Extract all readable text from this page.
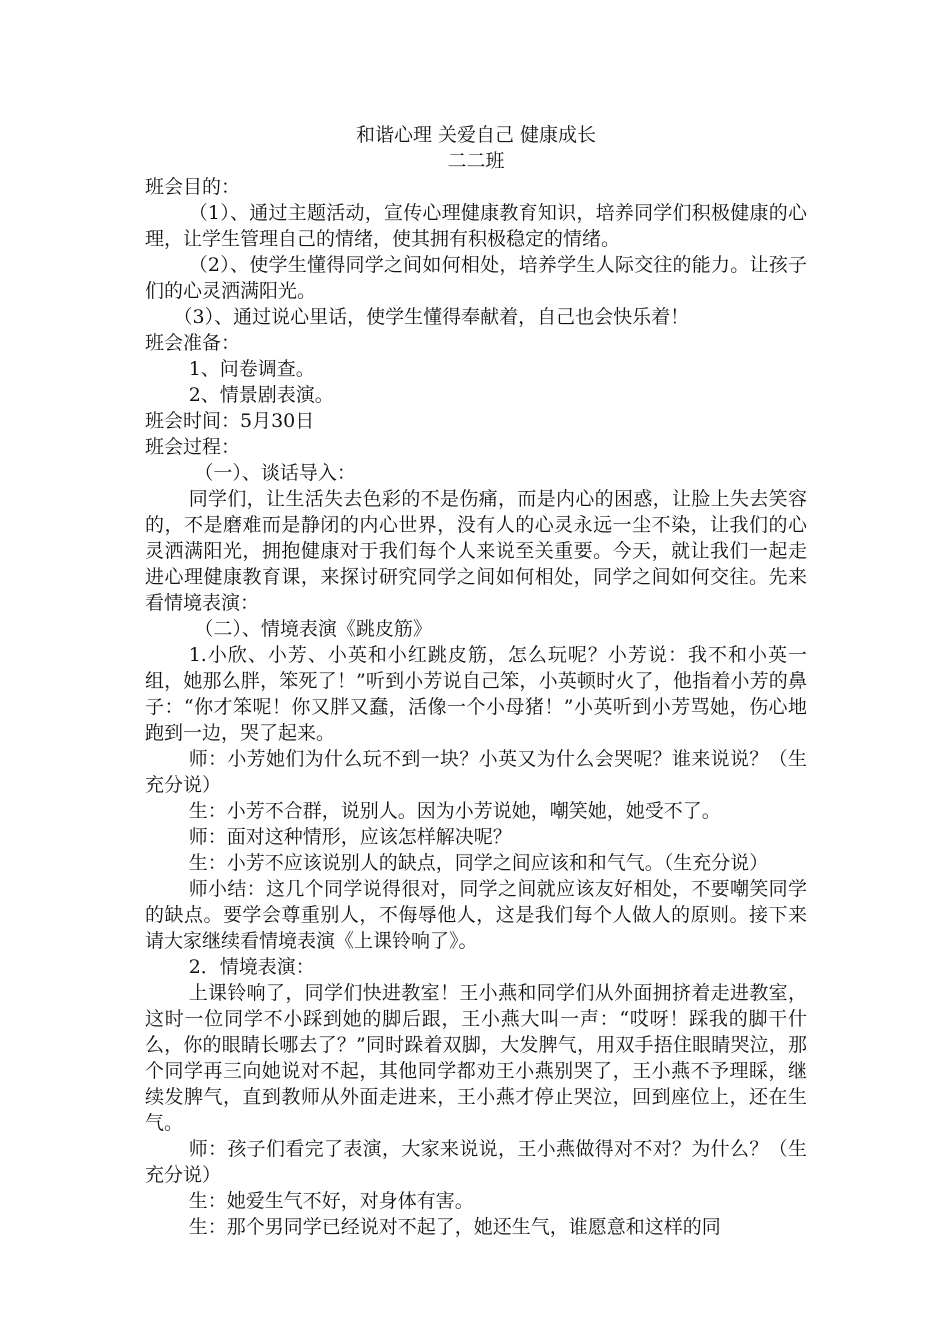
和谐心理 关爱自己 健康成长
二二班

班会目的：

（1）、通过主题活动，宣传心理健康教育知识，培养同学们积极健康的心理，让学生管理自己的情绪，使其拥有积极稳定的情绪。

（2）、使学生懂得同学之间如何相处，培养学生人际交往的能力。让孩子们的心灵洒满阳光。

（3）、通过说心里话，使学生懂得奉献着，自己也会快乐着！

班会准备：

1、问卷调查。

2、情景剧表演。

班会时间：5月30日

班会过程：

（一）、谈话导入：

同学们，让生活失去色彩的不是伤痛，而是内心的困惑，让脸上失去笑容的，不是磨难而是静闭的内心世界，没有人的心灵永远一尘不染，让我们的心灵洒满阳光，拥抱健康对于我们每个人来说至关重要。今天，就让我们一起走进心理健康教育课，来探讨研究同学之间如何相处，同学之间如何交往。先来看情境表演：

（二）、情境表演《跳皮筋》

1.小欣、小芳、小英和小红跳皮筋，怎么玩呢？小芳说：我不和小英一组，她那么胖，笨死了！”听到小芳说自己笨，小英顿时火了，他指着小芳的鼻子：“你才笨呢！你又胖又蠢，活像一个小母猪！”小英听到小芳骂她，伤心地跑到一边，哭了起来。

师：小芳她们为什么玩不到一块？小英又为什么会哭呢？谁来说说？（生充分说）

生：小芳不合群，说别人。因为小芳说她，嘲笑她，她受不了。

师：面对这种情形，应该怎样解决呢？

生：小芳不应该说别人的缺点，同学之间应该和和气气。（生充分说）

师小结：这几个同学说得很对，同学之间就应该友好相处，不要嘲笑同学的缺点。要学会尊重别人，不侮辱他人，这是我们每个人做人的原则。接下来请大家继续看情境表演《上课铃响了》。

2．情境表演：

上课铃响了，同学们快进教室！王小燕和同学们从外面拥挤着走进教室，这时一位同学不小踩到她的脚后跟，王小燕大叫一声：“哎呀！踩我的脚干什么，你的眼睛长哪去了？”同时跺着双脚，大发脾气，用双手捂住眼睛哭泣，那个同学再三向她说对不起，其他同学都劝王小燕别哭了，王小燕不予理睬，继续发脾气，直到教师从外面走进来，王小燕才停止哭泣，回到座位上，还在生气。

师：孩子们看完了表演，大家来说说，王小燕做得对不对？为什么？（生充分说）

生：她爱生气不好，对身体有害。

生：那个男同学已经说对不起了，她还生气，谁愿意和这样的同
